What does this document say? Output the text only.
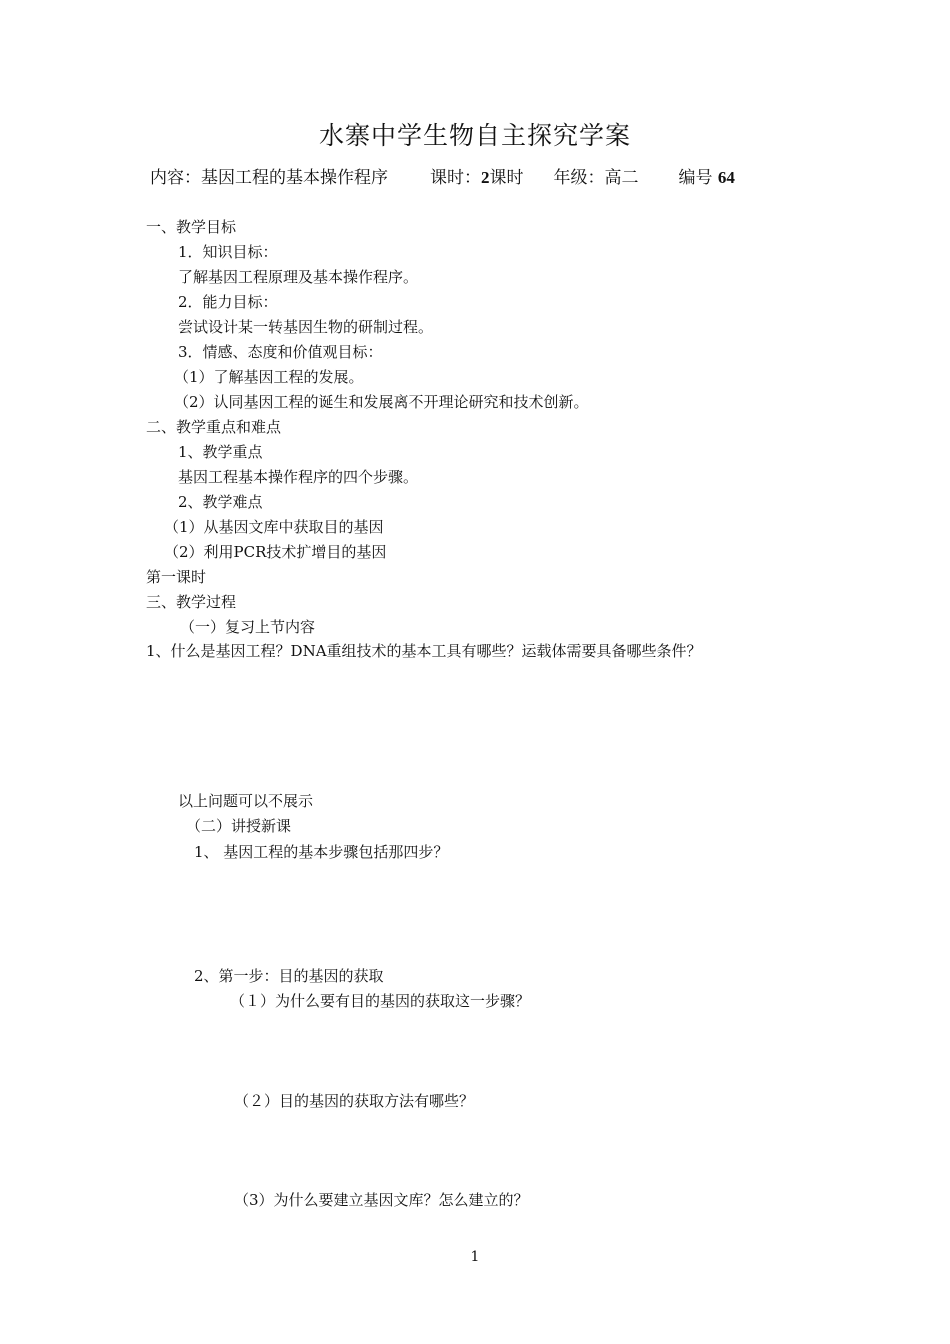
水寨中学生物自主探究学案
内容：基因工程的基本操作程序 课时：2课时 年级：高二 编号 64
一、教学目标
1．知识目标：
了解基因工程原理及基本操作程序。
2．能力目标：
尝试设计某一转基因生物的研制过程。
3．情感、态度和价值观目标：
（1）了解基因工程的发展。
（2）认同基因工程的诞生和发展离不开理论研究和技术创新。
二、教学重点和难点
1、教学重点
基因工程基本操作程序的四个步骤。
2、教学难点
（1）从基因文库中获取目的基因
（2）利用PCR技术扩增目的基因
第一课时
三、教学过程
（一）复习上节内容
1、什么是基因工程？DNA重组技术的基本工具有哪些？运载体需要具备哪些条件？
以上问题可以不展示
（二）讲授新课
1、 基因工程的基本步骤包括那四步？
2、第一步：目的基因的获取
（１）为什么要有目的基因的获取这一步骤？
（２）目的基因的获取方法有哪些？
（3）为什么要建立基因文库？怎么建立的？
1
